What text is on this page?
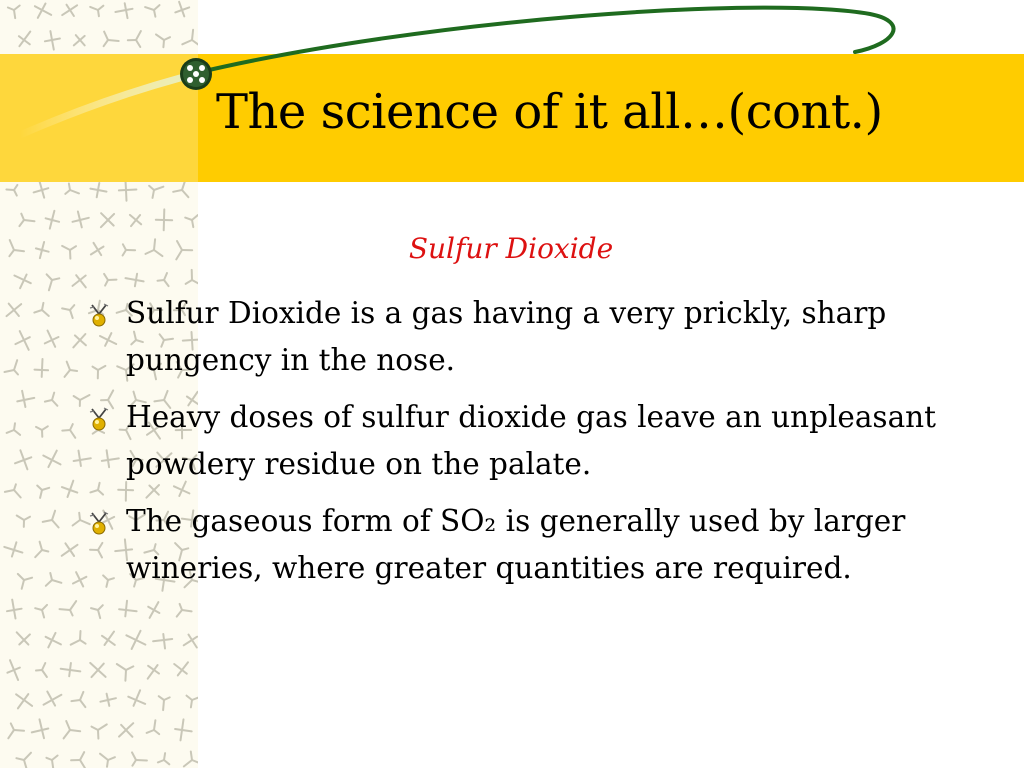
The science of it all…(cont.)

Sulfur Dioxide

Sulfur Dioxide is a gas having a very prickly, sharp pungency in the nose.
Heavy doses of sulfur dioxide gas leave an unpleasant powdery residue on the palate.
The gaseous form of SO₂ is generally used by larger wineries, where greater quantities are required.
